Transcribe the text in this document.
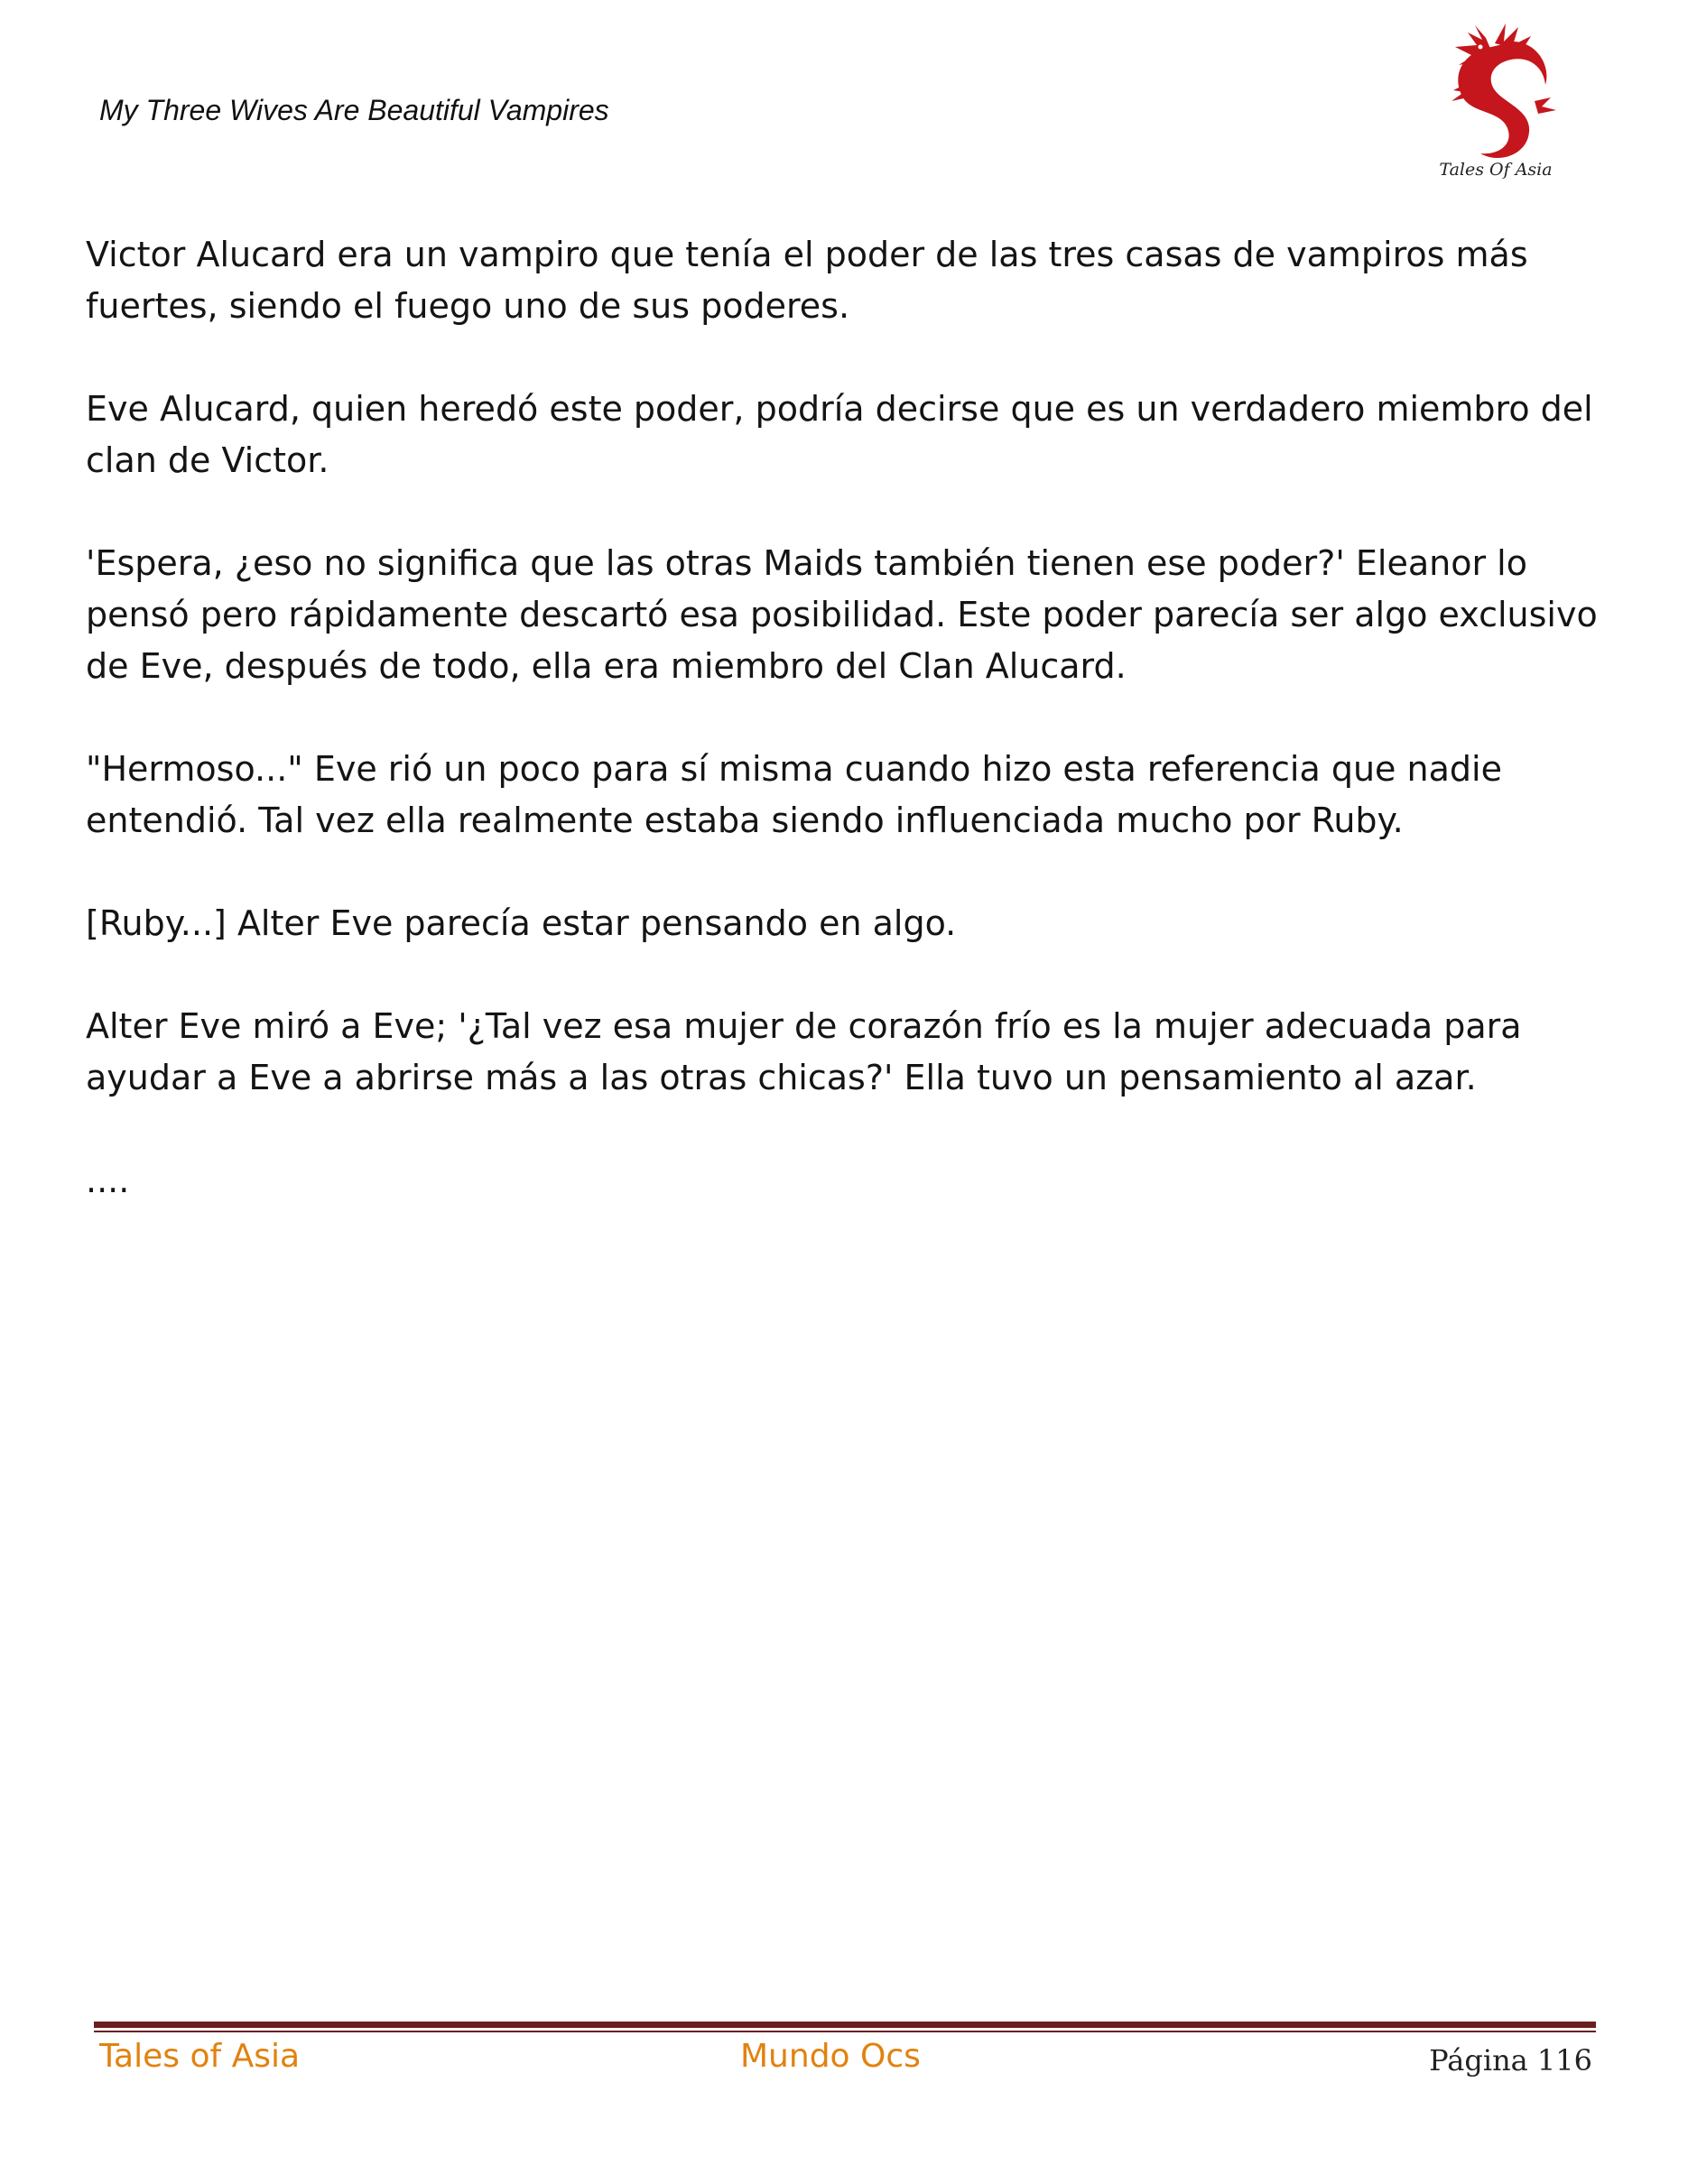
My Three Wives Are Beautiful Vampires
Tales Of Asia

Victor Alucard era un vampiro que tenía el poder de las tres casas de vampiros más fuertes, siendo el fuego uno de sus poderes.

Eve Alucard, quien heredó este poder, podría decirse que es un verdadero miembro del clan de Victor.

'Espera, ¿eso no significa que las otras Maids también tienen ese poder?' Eleanor lo pensó pero rápidamente descartó esa posibilidad. Este poder parecía ser algo exclusivo de Eve, después de todo, ella era miembro del Clan Alucard.

"Hermoso..." Eve rió un poco para sí misma cuando hizo esta referencia que nadie entendió. Tal vez ella realmente estaba siendo influenciada mucho por Ruby.

[Ruby...] Alter Eve parecía estar pensando en algo.

Alter Eve miró a Eve; '¿Tal vez esa mujer de corazón frío es la mujer adecuada para ayudar a Eve a abrirse más a las otras chicas?' Ella tuvo un pensamiento al azar.

....

Tales of Asia	Mundo Ocs	Página 116
